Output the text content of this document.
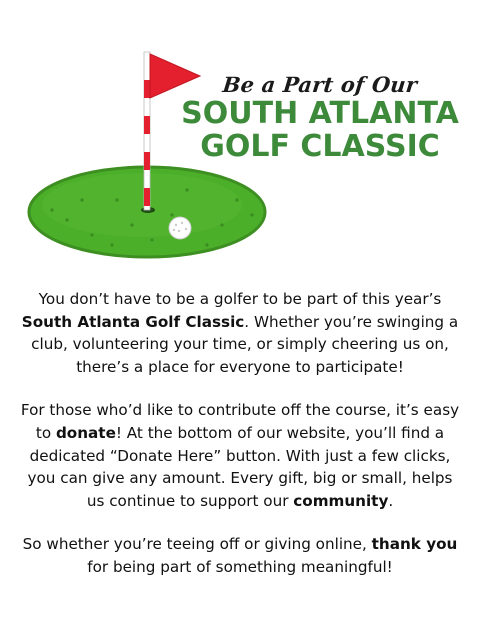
Be a Part of Our
SOUTH ATLANTA
GOLF CLASSIC

You don’t have to be a golfer to be part of this year’s South Atlanta Golf Classic. Whether you’re swinging a club, volunteering your time, or simply cheering us on, there’s a place for everyone to participate!

For those who’d like to contribute off the course, it’s easy to donate! At the bottom of our website, you’ll find a dedicated “Donate Here” button. With just a few clicks, you can give any amount. Every gift, big or small, helps us continue to support our community.

So whether you’re teeing off or giving online, thank you for being part of something meaningful!
